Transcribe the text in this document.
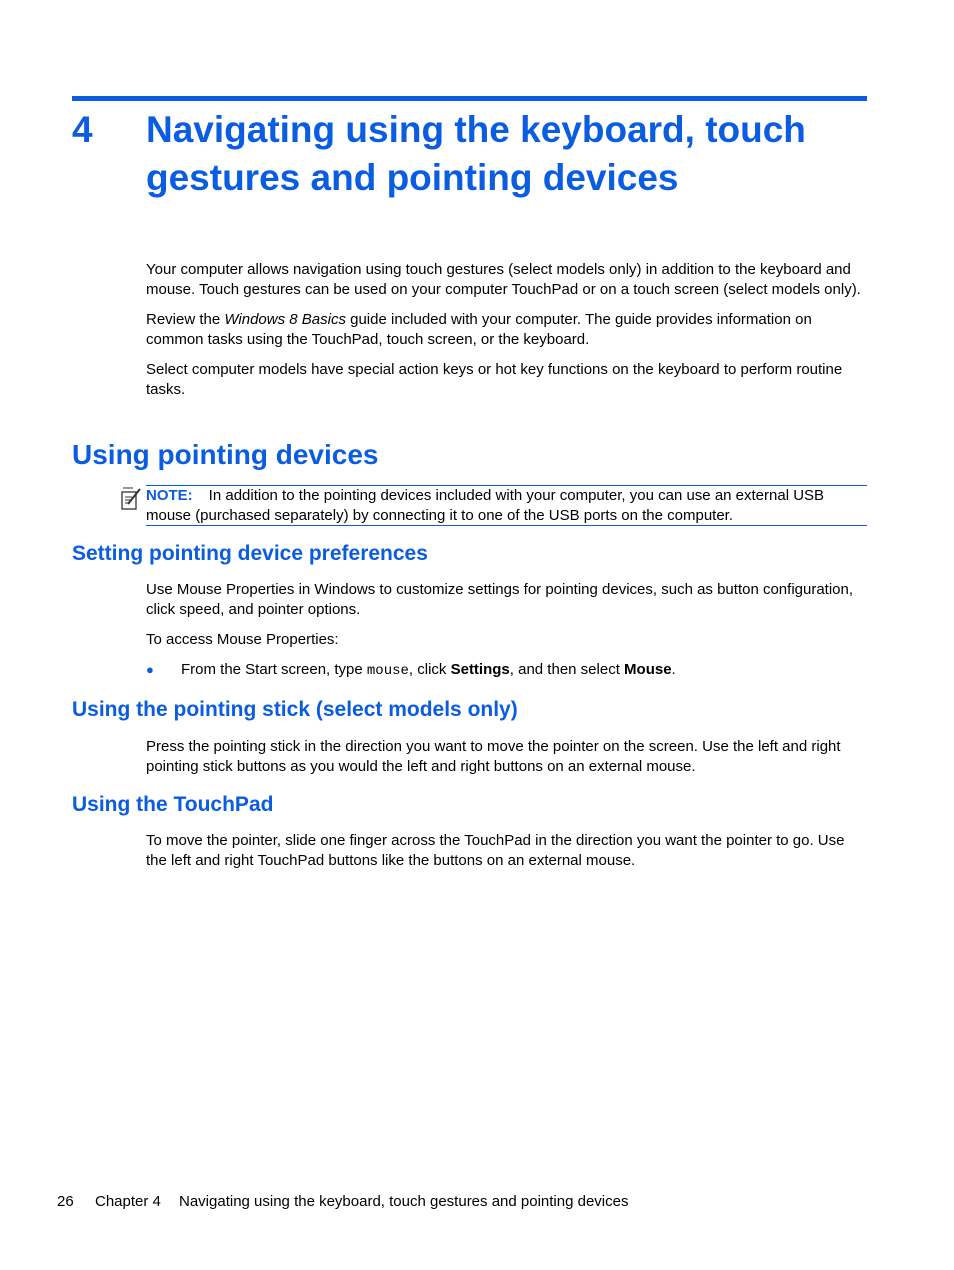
4 Navigating using the keyboard, touch gestures and pointing devices

Your computer allows navigation using touch gestures (select models only) in addition to the keyboard and mouse. Touch gestures can be used on your computer TouchPad or on a touch screen (select models only).

Review the Windows 8 Basics guide included with your computer. The guide provides information on common tasks using the TouchPad, touch screen, or the keyboard.

Select computer models have special action keys or hot key functions on the keyboard to perform routine tasks.

Using pointing devices
NOTE: In addition to the pointing devices included with your computer, you can use an external USB mouse (purchased separately) by connecting it to one of the USB ports on the computer.
Setting pointing device preferences

Use Mouse Properties in Windows to customize settings for pointing devices, such as button configuration, click speed, and pointer options.

To access Mouse Properties:

● From the Start screen, type mouse, click Settings, and then select Mouse.

Using the pointing stick (select models only)

Press the pointing stick in the direction you want to move the pointer on the screen. Use the left and right pointing stick buttons as you would the left and right buttons on an external mouse.

Using the TouchPad

To move the pointer, slide one finger across the TouchPad in the direction you want the pointer to go. Use the left and right TouchPad buttons like the buttons on an external mouse.

26 Chapter 4 Navigating using the keyboard, touch gestures and pointing devices
